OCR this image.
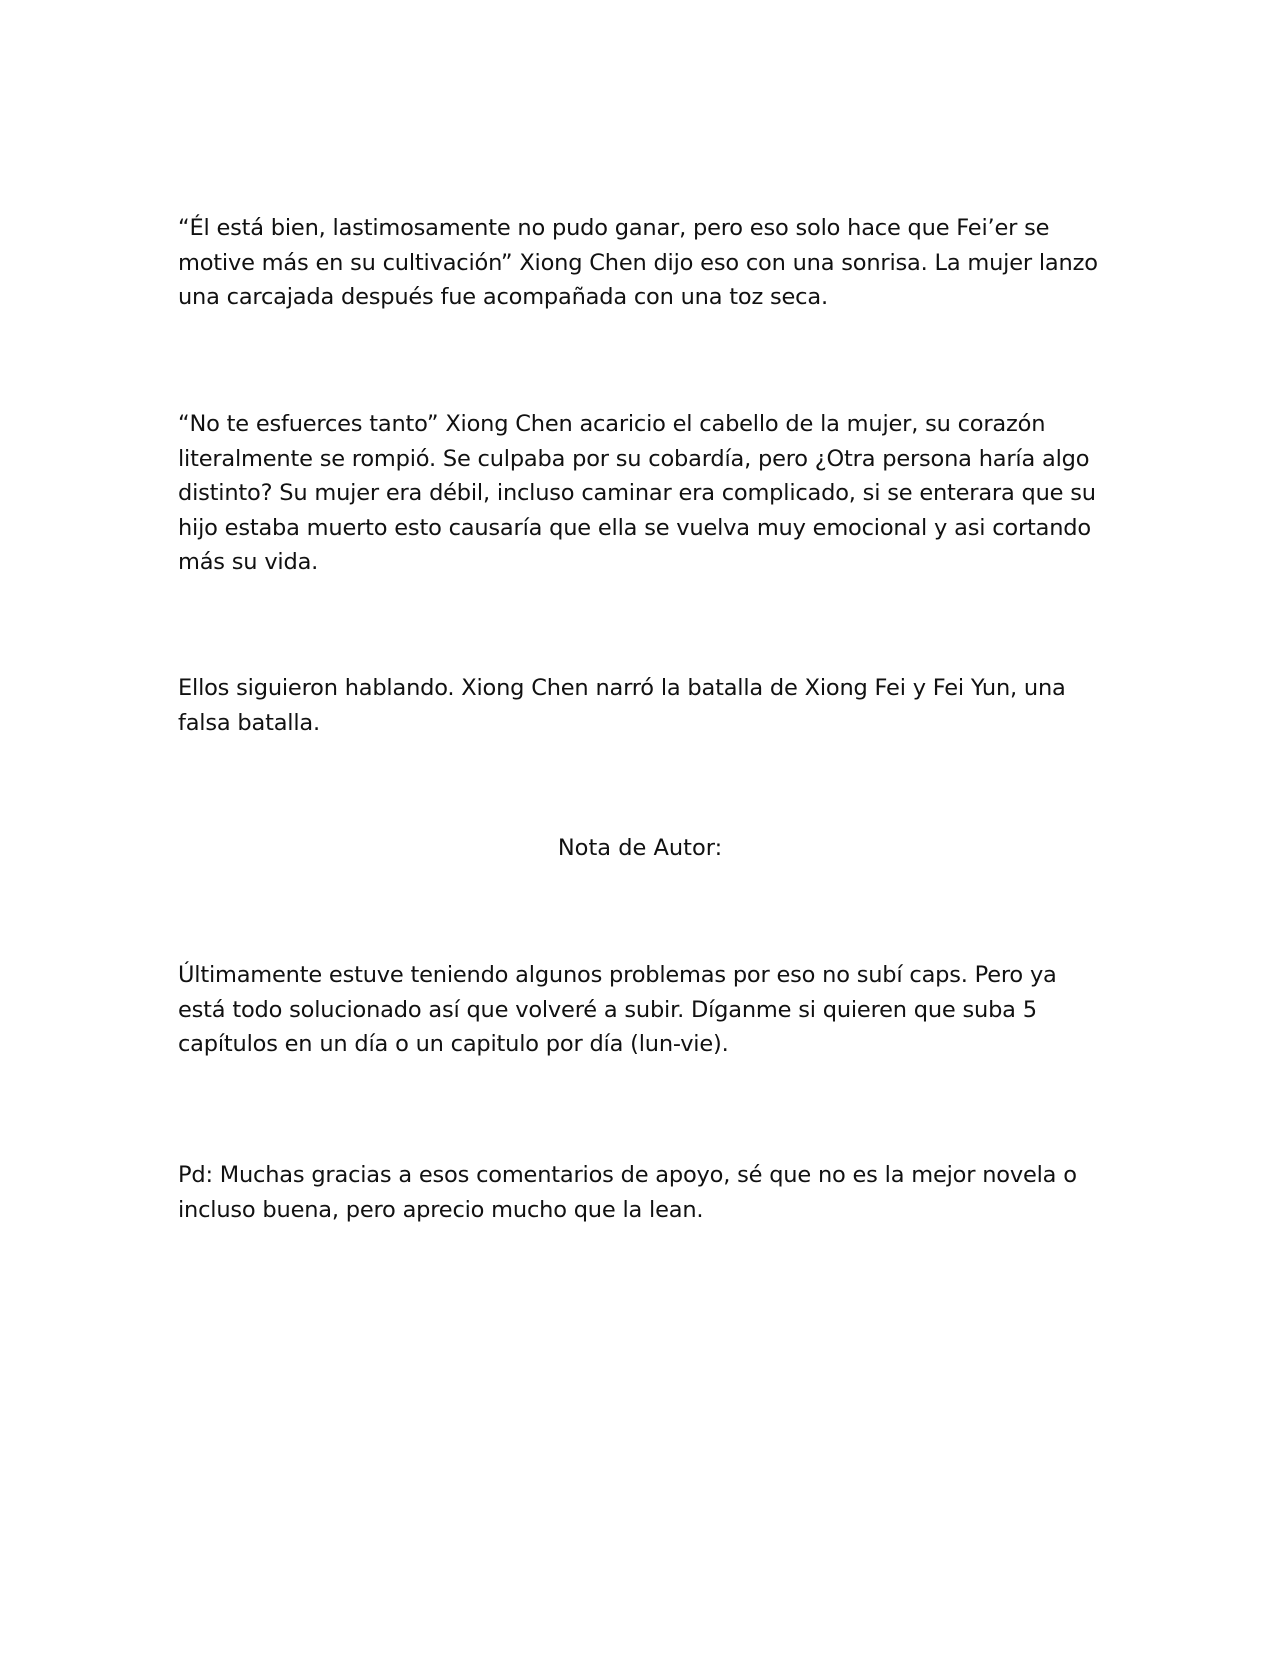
“Él está bien, lastimosamente no pudo ganar, pero eso solo hace que Fei’er se motive más en su cultivación” Xiong Chen dijo eso con una sonrisa. La mujer lanzo una carcajada después fue acompañada con una toz seca.

“No te esfuerces tanto” Xiong Chen acaricio el cabello de la mujer, su corazón literalmente se rompió. Se culpaba por su cobardía, pero ¿Otra persona haría algo distinto? Su mujer era débil, incluso caminar era complicado, si se enterara que su hijo estaba muerto esto causaría que ella se vuelva muy emocional y asi cortando más su vida.

Ellos siguieron hablando. Xiong Chen narró la batalla de Xiong Fei y Fei Yun, una falsa batalla.

Nota de Autor:

Últimamente estuve teniendo algunos problemas por eso no subí caps. Pero ya está todo solucionado así que volveré a subir. Díganme si quieren que suba 5 capítulos en un día o un capitulo por día (lun-vie).

Pd: Muchas gracias a esos comentarios de apoyo, sé que no es la mejor novela o incluso buena, pero aprecio mucho que la lean.
